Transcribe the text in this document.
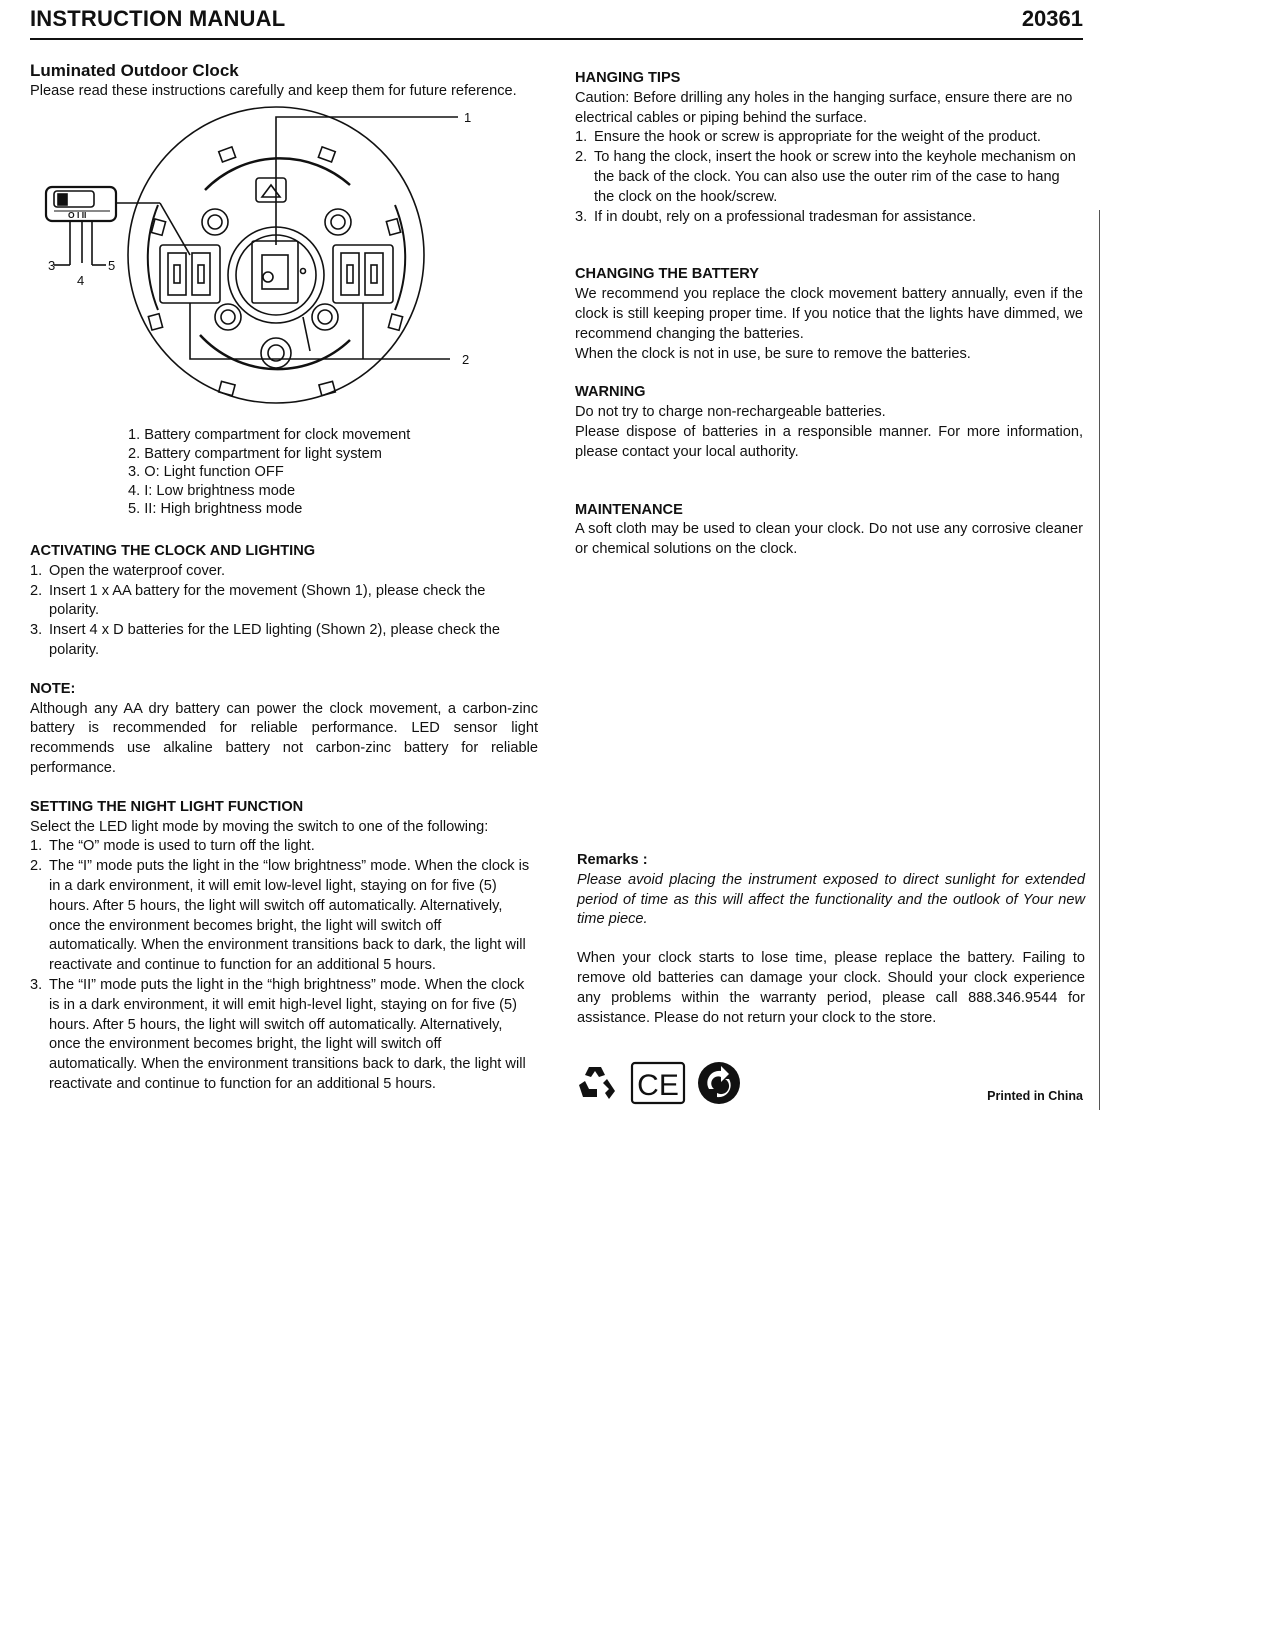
INSTRUCTION MANUAL	20361

Luminated Outdoor Clock

Please read these instructions carefully and keep them for future reference.

3
4
5
1
2
O I II
1. Battery compartment for clock movement
2. Battery compartment for light system
3. O: Light function OFF
4. I: Low brightness mode
5. II: High brightness mode

ACTIVATING THE CLOCK AND LIGHTING

1. Open the waterproof cover.
2. Insert 1 x AA battery for the movement (Shown 1), please check the polarity.
3. Insert 4 x D batteries for the LED lighting (Shown 2), please check the polarity.

NOTE:

Although any AA dry battery can power the clock movement, a carbon-zinc battery is recommended for reliable performance. LED sensor light recommends use alkaline battery not carbon-zinc battery for reliable performance.

SETTING THE NIGHT LIGHT FUNCTION

Select the LED light mode by moving the switch to one of the following:

1. The “O” mode is used to turn off the light.
2. The “I” mode puts the light in the “low brightness” mode. When the clock is in a dark environment, it will emit low-level light, staying on for five (5) hours. After 5 hours, the light will switch off automatically. Alternatively, once the environment becomes bright, the light will switch off automatically. When the environment transitions back to dark, the light will reactivate and continue to function for an additional 5 hours.
3. The “II” mode puts the light in the “high brightness” mode. When the clock is in a dark environment, it will emit high-level light, staying on for five (5) hours. After 5 hours, the light will switch off automatically. Alternatively, once the environment becomes bright, the light will switch off automatically. When the environment transitions back to dark, the light will reactivate and continue to function for an additional 5 hours.

HANGING TIPS

Caution: Before drilling any holes in the hanging surface, ensure there are no electrical cables or piping behind the surface.

1. Ensure the hook or screw is appropriate for the weight of the product.
2. To hang the clock, insert the hook or screw into the keyhole mechanism on the back of the clock. You can also use the outer rim of the case to hang the clock on the hook/screw.
3. If in doubt, rely on a professional tradesman for assistance.

CHANGING THE BATTERY

We recommend you replace the clock movement battery annually, even if the clock is still keeping proper time. If you notice that the lights have dimmed, we recommend changing the batteries.

When the clock is not in use, be sure to remove the batteries.

WARNING

Do not try to charge non-rechargeable batteries.

Please dispose of batteries in a responsible manner. For more information, please contact your local authority.

MAINTENANCE

A soft cloth may be used to clean your clock. Do not use any corrosive cleaner or chemical solutions on the clock.

Remarks :

Please avoid placing the instrument exposed to direct sunlight for extended period of time as this will affect the functionality and the outlook of Your new time piece.

When your clock starts to lose time, please replace the battery. Failing to remove old batteries can damage your clock. Should your clock experience any problems within the warranty period, please call 888.346.9544 for assistance. Please do not return your clock to the store.

CE	Printed in China
